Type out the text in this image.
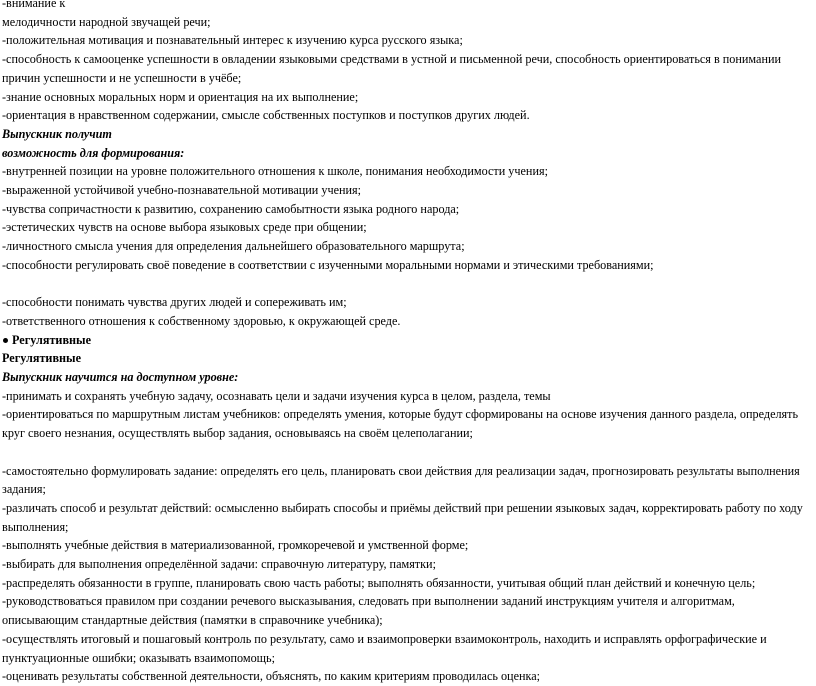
-внимание к
мелодичности народной звучащей речи;
-положительная мотивация и познавательный интерес к изучению курса русского языка;
-способность к самооценке успешности в овладении языковыми средствами в устной и письменной речи, способность ориентироваться в понимании причин успешности и не успешности в учёбе;
-знание основных моральных норм и ориентация на их выполнение;
-ориентация в нравственном содержании, смысле собственных поступков и поступков других людей.
Выпускник получит
возможность для формирования:
-внутренней позиции на уровне положительного отношения к школе, понимания необходимости учения;
-выраженной устойчивой учебно-познавательной мотивации учения;
-чувства сопричастности к развитию, сохранению самобытности языка родного народа;
-эстетических чувств на основе выбора языковых среде при общении;
-личностного смысла учения для определения дальнейшего образовательного маршрута;
-способности регулировать своё поведение в соответствии с изученными моральными нормами и этическими требованиями;
-способности понимать чувства других людей и сопереживать им;
-ответственного отношения к собственному здоровью, к окружающей среде.
Регулятивные
Регулятивные
Выпускник научится на доступном уровне:
-принимать и сохранять учебную задачу, осознавать цели и задачи изучения курса в целом, раздела, темы
-ориентироваться по маршрутным листам учебников: определять умения, которые будут сформированы на основе изучения данного раздела, определять круг своего незнания, осуществлять выбор задания, основываясь на своём целеполагании;
-самостоятельно формулировать задание: определять его цель, планировать свои действия для реализации задач, прогнозировать результаты выполнения задания;
-различать способ и результат действий: осмысленно выбирать способы и приёмы действий при решении языковых задач, корректировать работу по ходу выполнения;
-выполнять учебные действия в материализованной, громкоречевой и умственной форме;
-выбирать для выполнения определённой задачи: справочную литературу, памятки;
-распределять обязанности в группе, планировать свою часть работы; выполнять обязанности, учитывая общий план действий и конечную цель;
-руководствоваться правилом при создании речевого высказывания, следовать при выполнении заданий инструкциям учителя и алгоритмам, описывающим стандартные действия (памятки в справочнике учебника);
-осуществлять итоговый и пошаговый контроль по результату, само и взаимопроверки взаимоконтроль, находить и исправлять орфографические и пунктуационные ошибки; оказывать взаимопомощь;
-оценивать результаты собственной деятельности, объяснять, по каким критериям проводилась оценка;
